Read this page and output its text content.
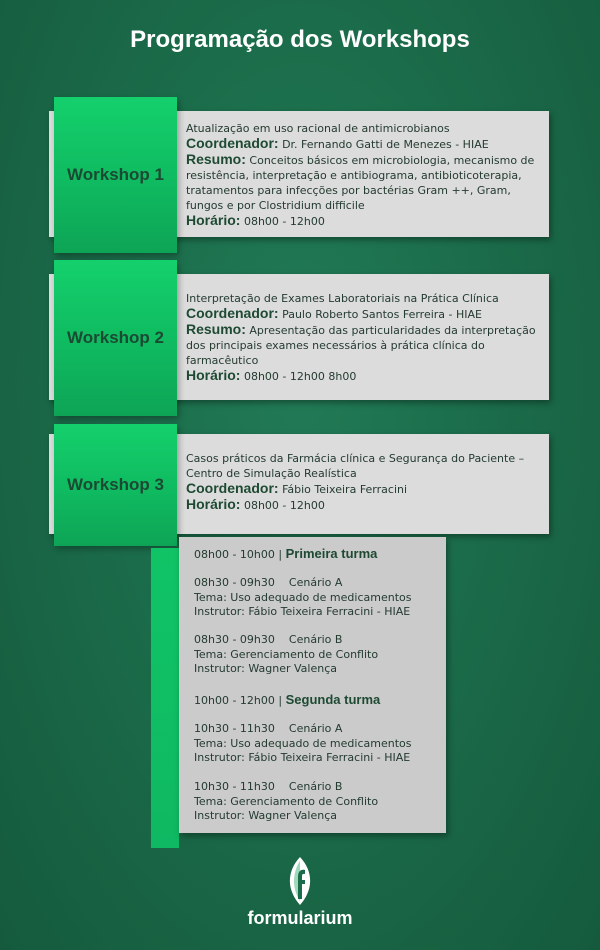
Programação dos Workshops
Workshop 1

Atualização em uso racional de antimicrobianos

Coordenador: Dr. Fernando Gatti de Menezes - HIAE

Resumo: Conceitos básicos em microbiologia, mecanismo de resistência, interpretação e antibiograma, antibioticoterapia, tratamentos para infecções por bactérias Gram ++, Gram, fungos e por Clostridium difficile

Horário: 08h00 - 12h00

Workshop 2

Interpretação de Exames Laboratoriais na Prática Clínica

Coordenador: Paulo Roberto Santos Ferreira - HIAE

Resumo: Apresentação das particularidades da interpretação dos principais exames necessários à prática clínica do farmacêutico

Horário: 08h00 - 12h00 8h00

Workshop 3

Casos práticos da Farmácia clínica e Segurança do Paciente – Centro de Simulação Realística

Coordenador: Fábio Teixeira Ferracini

Horário: 08h00 - 12h00

08h00 - 10h00 | Primeira turma
08h30 - 09h30 Cenário A
Tema: Uso adequado de medicamentos
Instrutor: Fábio Teixeira Ferracini - HIAE
08h30 - 09h30 Cenário B
Tema: Gerenciamento de Conflito
Instrutor: Wagner Valença
10h00 - 12h00 | Segunda turma
10h30 - 11h30 Cenário A
Tema: Uso adequado de medicamentos
Instrutor: Fábio Teixeira Ferracini - HIAE
10h30 - 11h30 Cenário B
Tema: Gerenciamento de Conflito
Instrutor: Wagner Valença
formularium
